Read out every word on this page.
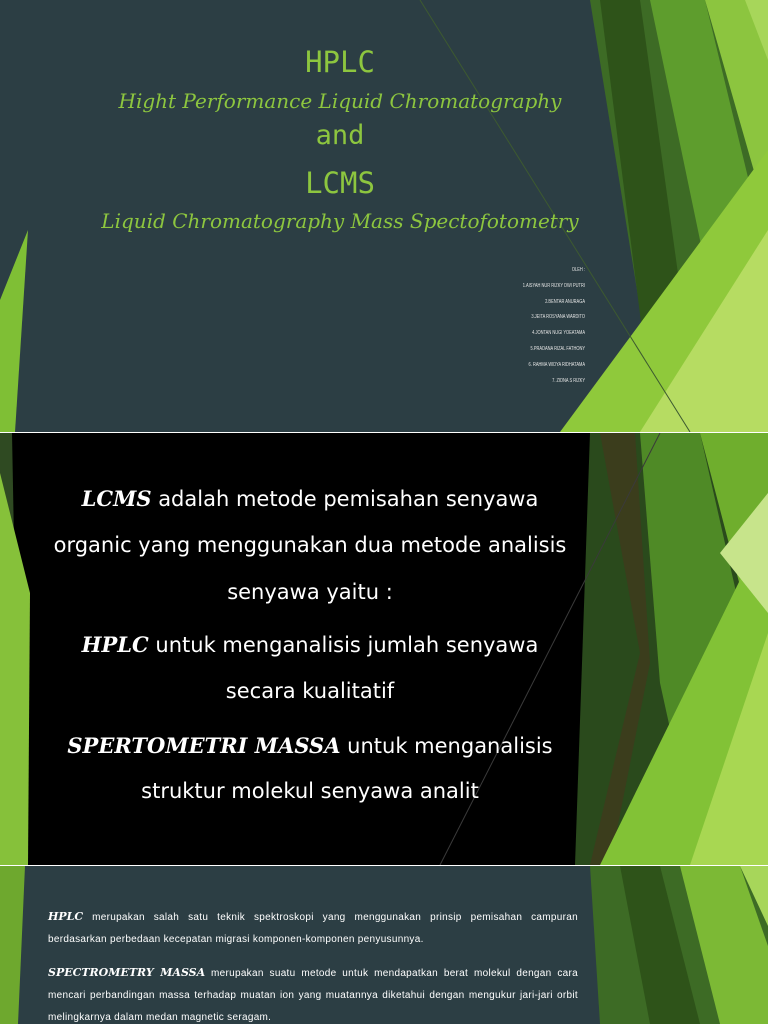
HPLC
Hight Performance Liquid Chromatography
and
LCMS
Liquid Chromatography Mass Spectofotometry
OLEH :
1.AISYAH NUR RIZKY DWI PUTRI
2.BENTAR ANURAGA
3.JEITA ROSYANA WARDITO
4.JONTAN NUGI YOEATAMA
5.PRADANA RIZAL FATHONY
6. RAHMA WIDYA RIDHATAMA
7. ZIDNA S RIZKY

LCMS adalah metode pemisahan senyawa

organic yang menggunakan dua metode analisis

senyawa yaitu :

HPLC untuk menganalisis jumlah senyawa

secara kualitatif

SPERTOMETRI MASSA untuk menganalisis

struktur molekul senyawa analit

HPLC merupakan salah satu teknik spektroskopi yang menggunakan prinsip pemisahan campuran berdasarkan perbedaan kecepatan migrasi komponen-komponen penyusunnya.

SPECTROMETRY MASSA merupakan suatu metode untuk mendapatkan berat molekul dengan cara mencari perbandingan massa terhadap muatan ion yang muatannya diketahui dengan mengukur jari-jari orbit melingkarnya dalam medan magnetic seragam.
